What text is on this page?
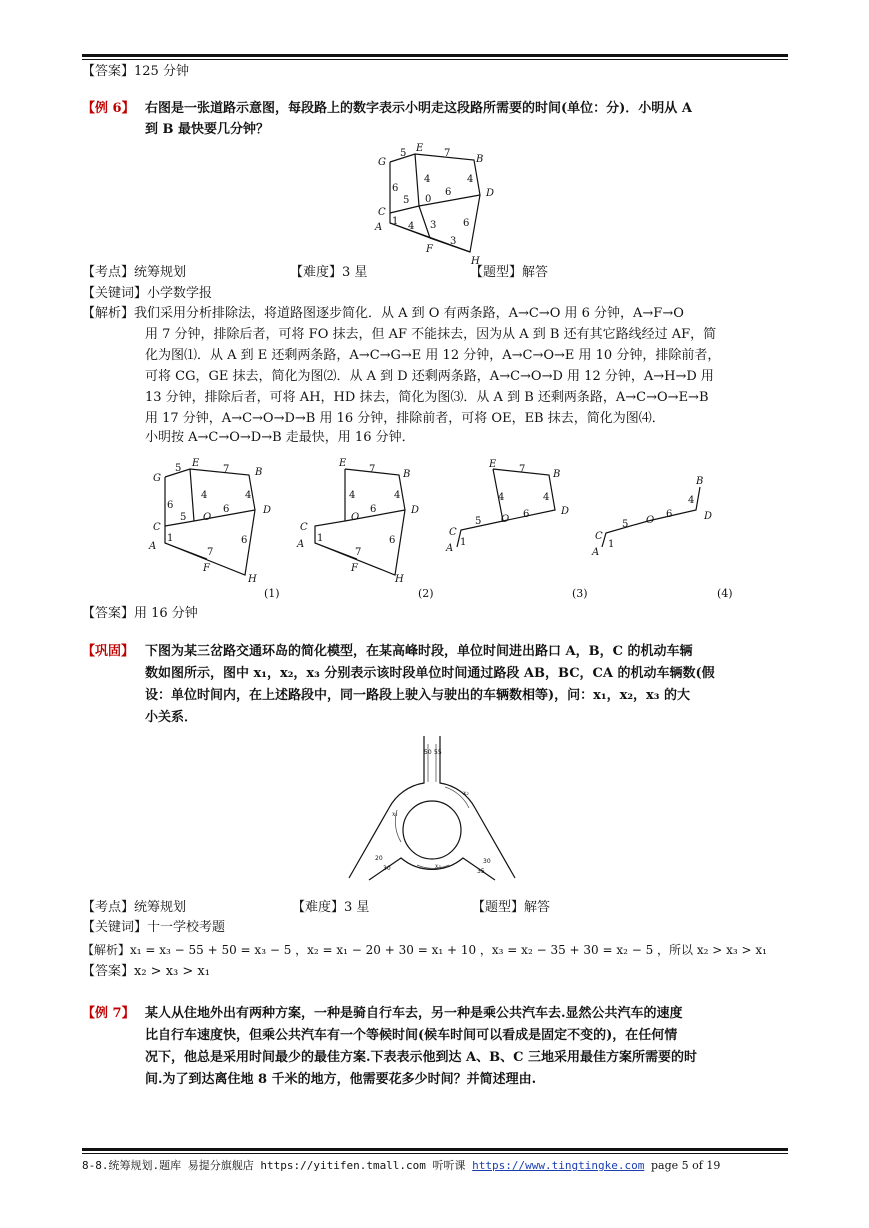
【答案】125 分钟
【例 6】 右图是一张道路示意图，每段路上的数字表示小明走这段路所需要的时间(单位：分)．小明从 A
到 B 最快要几分钟？
G
E
B
D
C
A
F
H
5	7
6
4	4
5 0
6
1 4 3	6
3
【考点】统筹规划	【难度】3 星	【题型】解答
【关键词】小学数学报
【解析】我们采用分析排除法，将道路图逐步简化．从 A 到 O 有两条路，A→C→O 用 6 分钟，A→F→O
用 7 分钟，排除后者，可将 FO 抹去，但 AF 不能抹去，因为从 A 到 B 还有其它路线经过 AF，简
化为图⑴．从 A 到 E 还剩两条路，A→C→G→E 用 12 分钟，A→C→O→E 用 10 分钟，排除前者，
可将 CG，GE 抹去，简化为图⑵．从 A 到 D 还剩两条路，A→C→O→D 用 12 分钟，A→H→D 用
13 分钟，排除后者，可将 AH，HD 抹去，简化为图⑶．从 A 到 B 还剩两条路，A→C→O→E→B
用 17 分钟，A→C→O→D→B 用 16 分钟，排除前者，可将 OE，EB 抹去，简化为图⑷．
小明按 A→C→O→D→B 走最快，用 16 分钟．
G
E
B
D
C
A
F
H
5	7
6
4	4
5 O
6
1
7
6
E
B
D
C
A
F
H
7
4	4
O
6
1
7
6
E
B
D
C
A
7
4	4
5 O 6
1
B
D
C
A
4
5 O
6
1
(1)	(2)	(3)	(4)
【答案】用 16 分钟
【巩固】 下图为某三岔路交通环岛的简化模型，在某高峰时段，单位时间进出路口 A，B，C 的机动车辆
数如图所示，图中 x₁，x₂，x₃ 分别表示该时段单位时间通过路段 AB，BC，CA 的机动车辆数(假
设：单位时间内，在上述路段中，同一路段上驶入与驶出的车辆数相等)，问：x₁，x₂，x₃ 的大
小关系．
50 55
x₂
x₁
x₃
20
30
30
35
【考点】统筹规划	【难度】3 星	【题型】解答
【关键词】十一学校考题
【解析】x₁ = x₃ − 55 + 50 = x₃ − 5 ，x₂ = x₁ − 20 + 30 = x₁ + 10 ，x₃ = x₂ − 35 + 30 = x₂ − 5 ，所以 x₂ > x₃ > x₁
【答案】x₂ > x₃ > x₁
【例 7】 某人从住地外出有两种方案，一种是骑自行车去，另一种是乘公共汽车去.显然公共汽车的速度
比自行车速度快，但乘公共汽车有一个等候时间(候车时间可以看成是固定不变的)，在任何情
况下，他总是采用时间最少的最佳方案.下表表示他到达 A、B、C 三地采用最佳方案所需要的时
间.为了到达离住地 8 千米的地方，他需要花多少时间？并简述理由.
8-8.统筹规划.题库 易提分旗舰店 https://yitifen.tmall.com 听听课 https://www.tingtingke.com page 5 of 19
